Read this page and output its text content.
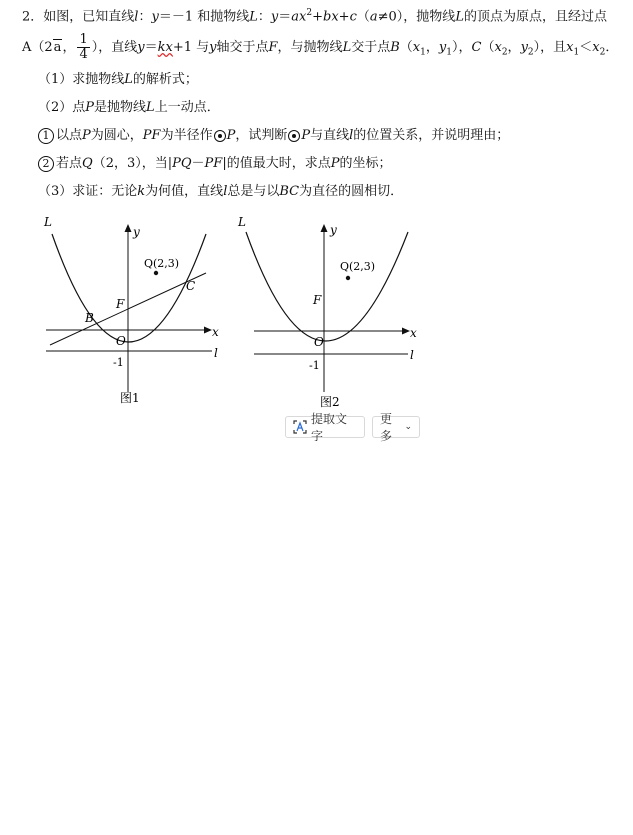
2．如图，已知直线l：y＝－1 和抛物线L：$y=ax^2+bx+c(a\ne 0)$，抛物线L的顶点为原点，且经过点
A（2a， $\frac{1}{4}$ ），直线y＝kx+1 与y轴交于点F，与抛物线L交于点$B(x_1$，$y_1$），$C(x_2$，$y_2$），且$x_1<x_2$．
（1）求抛物线L的解析式；
（2）点P是抛物线L上一动点．
1 以点P为圆心，PF为半径作 P，试判断 P与直线l的位置关系，并说明理由；
2 若点Q（2，3），当|PQ－PF|的值最大时，求点P的坐标；
（3）求证：无论k为何值，直线l总是与以BC为直径的圆相切．
L
y
x
l
O
F
B
C
Q(2,3)
-1
图1
L
y
x
l
O
F
Q(2,3)
-1
图2
提取文字
更多
⌄
